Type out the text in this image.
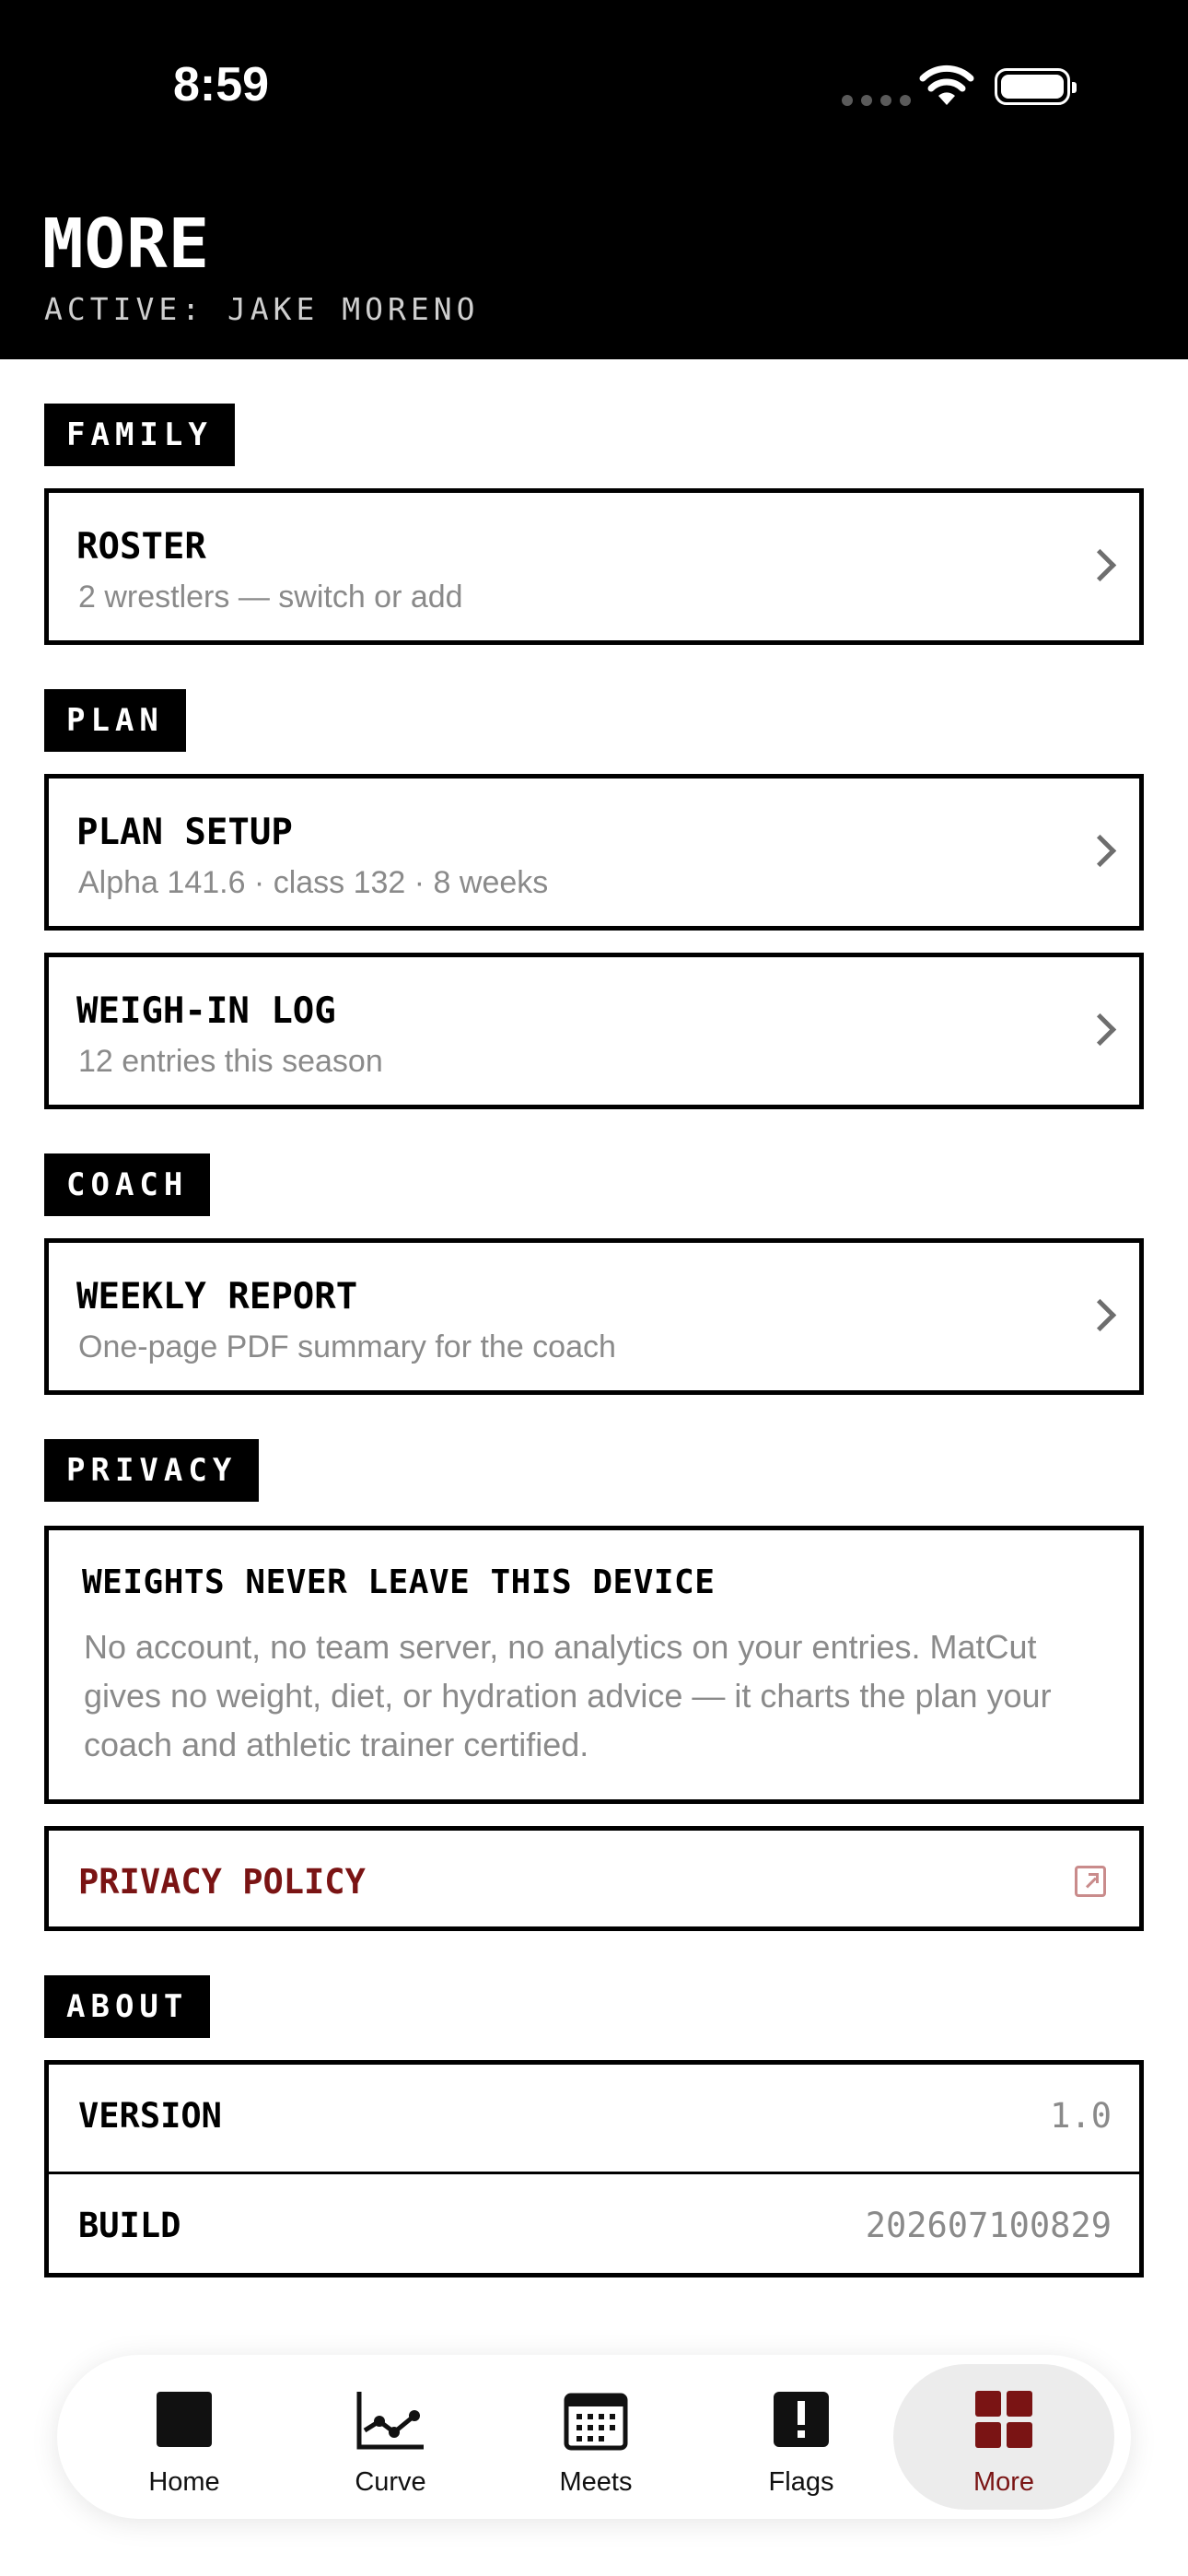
8:59
MORE
ACTIVE: JAKE MORENO
FAMILY
ROSTER
2 wrestlers — switch or add
PLAN
PLAN SETUP
Alpha 141.6 · class 132 · 8 weeks
WEIGH-IN LOG
12 entries this season
COACH
WEEKLY REPORT
One-page PDF summary for the coach
PRIVACY
WEIGHTS NEVER LEAVE THIS DEVICE
No account, no team server, no analytics on your entries. MatCut gives no weight, diet, or hydration advice — it charts the plan your coach and athletic trainer certified.
PRIVACY POLICY
ABOUT
VERSION	1.0
BUILD	202607100829
Home	Curve	Meets	Flags	More
